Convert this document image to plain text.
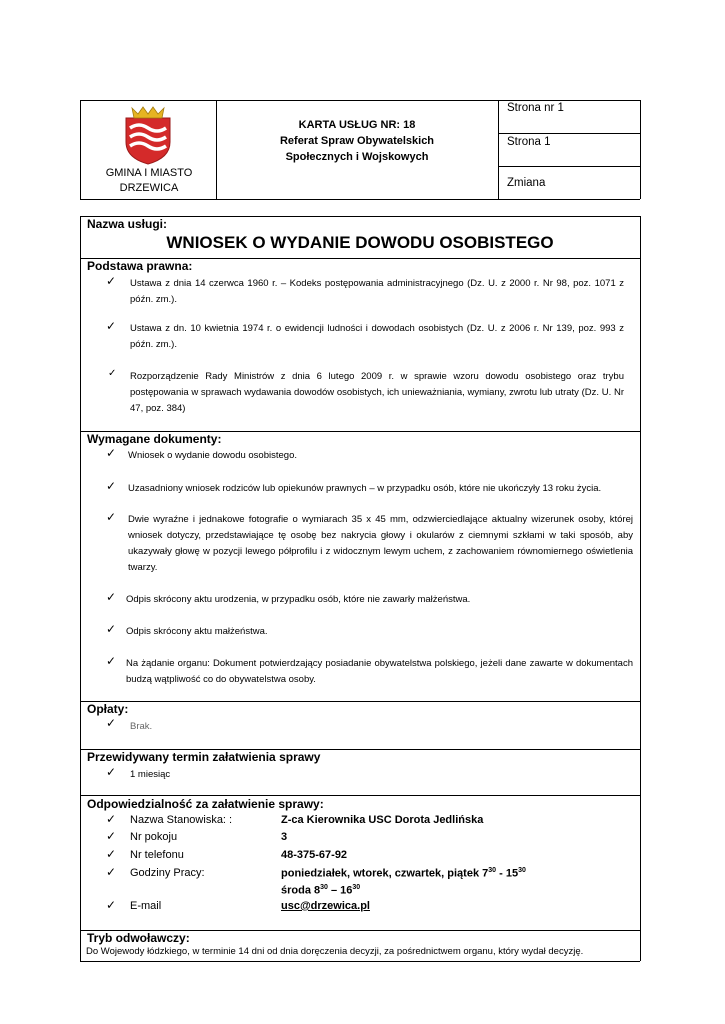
GMINA I MIASTO
DRZEWICA
KARTA USŁUG NR: 18
Referat Spraw Obywatelskich
Społecznych i Wojskowych
Strona nr 1
Strona 1
Zmiana
Nazwa usługi:
WNIOSEK O WYDANIE DOWODU OSOBISTEGO
Podstawa prawna:
✓ Ustawa z dnia 14 czerwca 1960 r. – Kodeks postępowania administracyjnego (Dz. U. z 2000 r. Nr 98, poz. 1071 z późn. zm.).
✓ Ustawa z dn. 10 kwietnia 1974 r. o ewidencji ludności i dowodach osobistych (Dz. U. z 2006 r. Nr 139, poz. 993 z późn. zm.).
✓ Rozporządzenie Rady Ministrów z dnia 6 lutego 2009 r. w sprawie wzoru dowodu osobistego oraz trybu postępowania w sprawach wydawania dowodów osobistych, ich unieważniania, wymiany, zwrotu lub utraty (Dz. U. Nr 47, poz. 384)
Wymagane dokumenty:
✓ Wniosek o wydanie dowodu osobistego.
✓ Uzasadniony wniosek rodziców lub opiekunów prawnych – w przypadku osób, które nie ukończyły 13 roku życia.
✓ Dwie wyraźne i jednakowe fotografie o wymiarach 35 x 45 mm, odzwierciedlające aktualny wizerunek osoby, której wniosek dotyczy, przedstawiające tę osobę bez nakrycia głowy i okularów z ciemnymi szkłami w taki sposób, aby ukazywały głowę w pozycji lewego półprofilu i z widocznym lewym uchem, z zachowaniem równomiernego oświetlenia twarzy.
✓ Odpis skrócony aktu urodzenia, w przypadku osób, które nie zawarły małżeństwa.
✓ Odpis skrócony aktu małżeństwa.
✓ Na żądanie organu: Dokument potwierdzający posiadanie obywatelstwa polskiego, jeżeli dane zawarte w dokumentach budzą wątpliwość co do obywatelstwa osoby.
Opłaty:
✓ Brak.
Przewidywany termin załatwienia sprawy
✓ 1 miesiąc
Odpowiedzialność za załatwienie sprawy:
✓ Nazwa Stanowiska: :	Z-ca Kierownika USC Dorota Jedlińska
✓ Nr pokoju	3
✓ Nr telefonu	48-375-67-92
✓ Godziny Pracy:	poniedziałek, wtorek, czwartek, piątek $7^{30} - 15^{30}$
środa $8^{30} - 16^{30}$
✓ E-mail	usc@drzewica.pl
Tryb odwoławczy:
Do Wojewody łódzkiego, w terminie 14 dni od dnia doręczenia decyzji, za pośrednictwem organu, który wydał decyzję.
